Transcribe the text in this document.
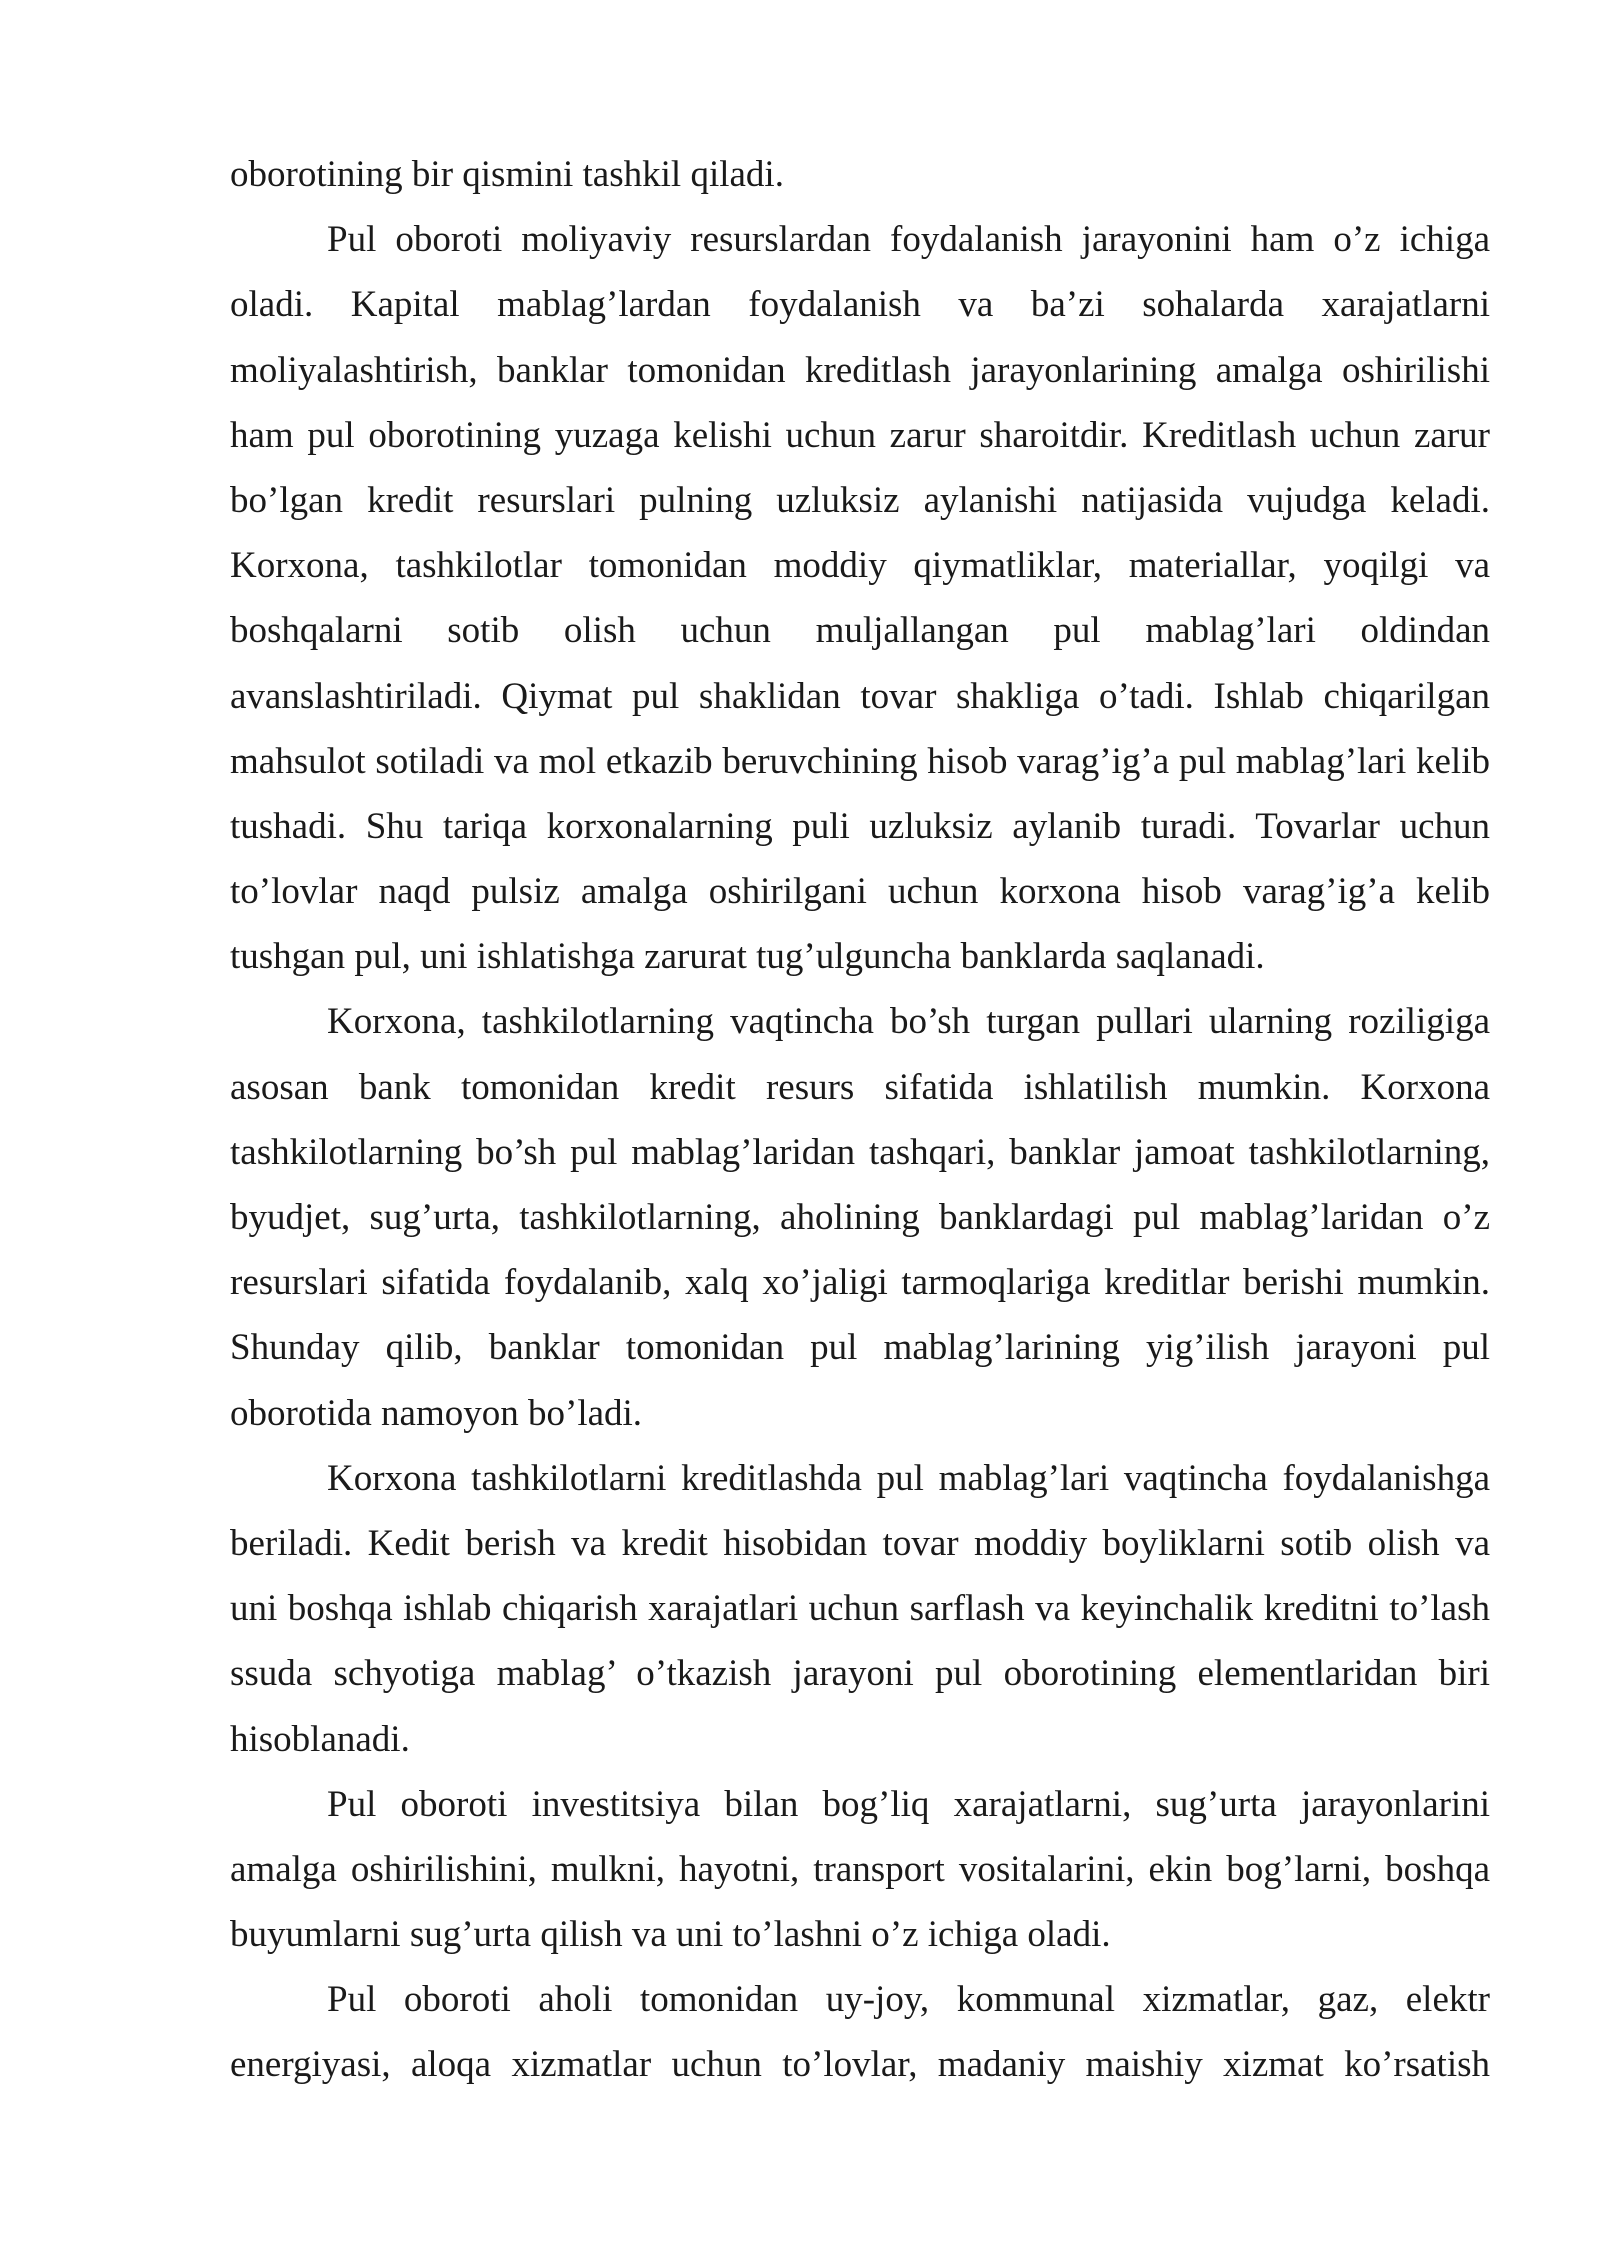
oborotining bir qismini tashkil qiladi.
Pul oboroti moliyaviy resurslardan foydalanish jarayonini ham o’z ichiga
oladi. Kapital mablag’lardan foydalanish va ba’zi sohalarda xarajatlarni
moliyalashtirish, banklar tomonidan kreditlash jarayonlarining amalga oshirilishi
ham pul oborotining yuzaga kelishi uchun zarur sharoitdir. Kreditlash uchun zarur
bo’lgan kredit resurslari pulning uzluksiz aylanishi natijasida vujudga keladi.
Korxona, tashkilotlar tomonidan moddiy qiymatliklar, materiallar, yoqilgi va
boshqalarni sotib olish uchun muljallangan pul mablag’lari oldindan
avanslashtiriladi. Qiymat pul shaklidan tovar shakliga o’tadi. Ishlab chiqarilgan
mahsulot sotiladi va mol etkazib beruvchining hisob varag’ig’a pul mablag’lari kelib
tushadi. Shu tariqa korxonalarning puli uzluksiz aylanib turadi. Tovarlar uchun
to’lovlar naqd pulsiz amalga oshirilgani uchun korxona hisob varag’ig’a kelib
tushgan pul, uni ishlatishga zarurat tug’ulguncha banklarda saqlanadi.
Korxona, tashkilotlarning vaqtincha bo’sh turgan pullari ularning roziligiga
asosan bank tomonidan kredit resurs sifatida ishlatilish mumkin. Korxona
tashkilotlarning bo’sh pul mablag’laridan tashqari, banklar jamoat tashkilotlarning,
byudjet, sug’urta, tashkilotlarning, aholining banklardagi pul mablag’laridan o’z
resurslari sifatida foydalanib, xalq xo’jaligi tarmoqlariga kreditlar berishi mumkin.
Shunday qilib, banklar tomonidan pul mablag’larining yig’ilish jarayoni pul
oborotida namoyon bo’ladi.
Korxona tashkilotlarni kreditlashda pul mablag’lari vaqtincha foydalanishga
beriladi. Kedit berish va kredit hisobidan tovar moddiy boyliklarni sotib olish va
uni boshqa ishlab chiqarish xarajatlari uchun sarflash va keyinchalik kreditni to’lash
ssuda schyotiga mablag’ o’tkazish jarayoni pul oborotining elementlaridan biri
hisoblanadi.
Pul oboroti investitsiya bilan bog’liq xarajatlarni, sug’urta jarayonlarini
amalga oshirilishini, mulkni, hayotni, transport vositalarini, ekin bog’larni, boshqa
buyumlarni sug’urta qilish va uni to’lashni o’z ichiga oladi.
Pul oboroti aholi tomonidan uy-joy, kommunal xizmatlar, gaz, elektr
energiyasi, aloqa xizmatlar uchun to’lovlar, madaniy maishiy xizmat ko’rsatish
